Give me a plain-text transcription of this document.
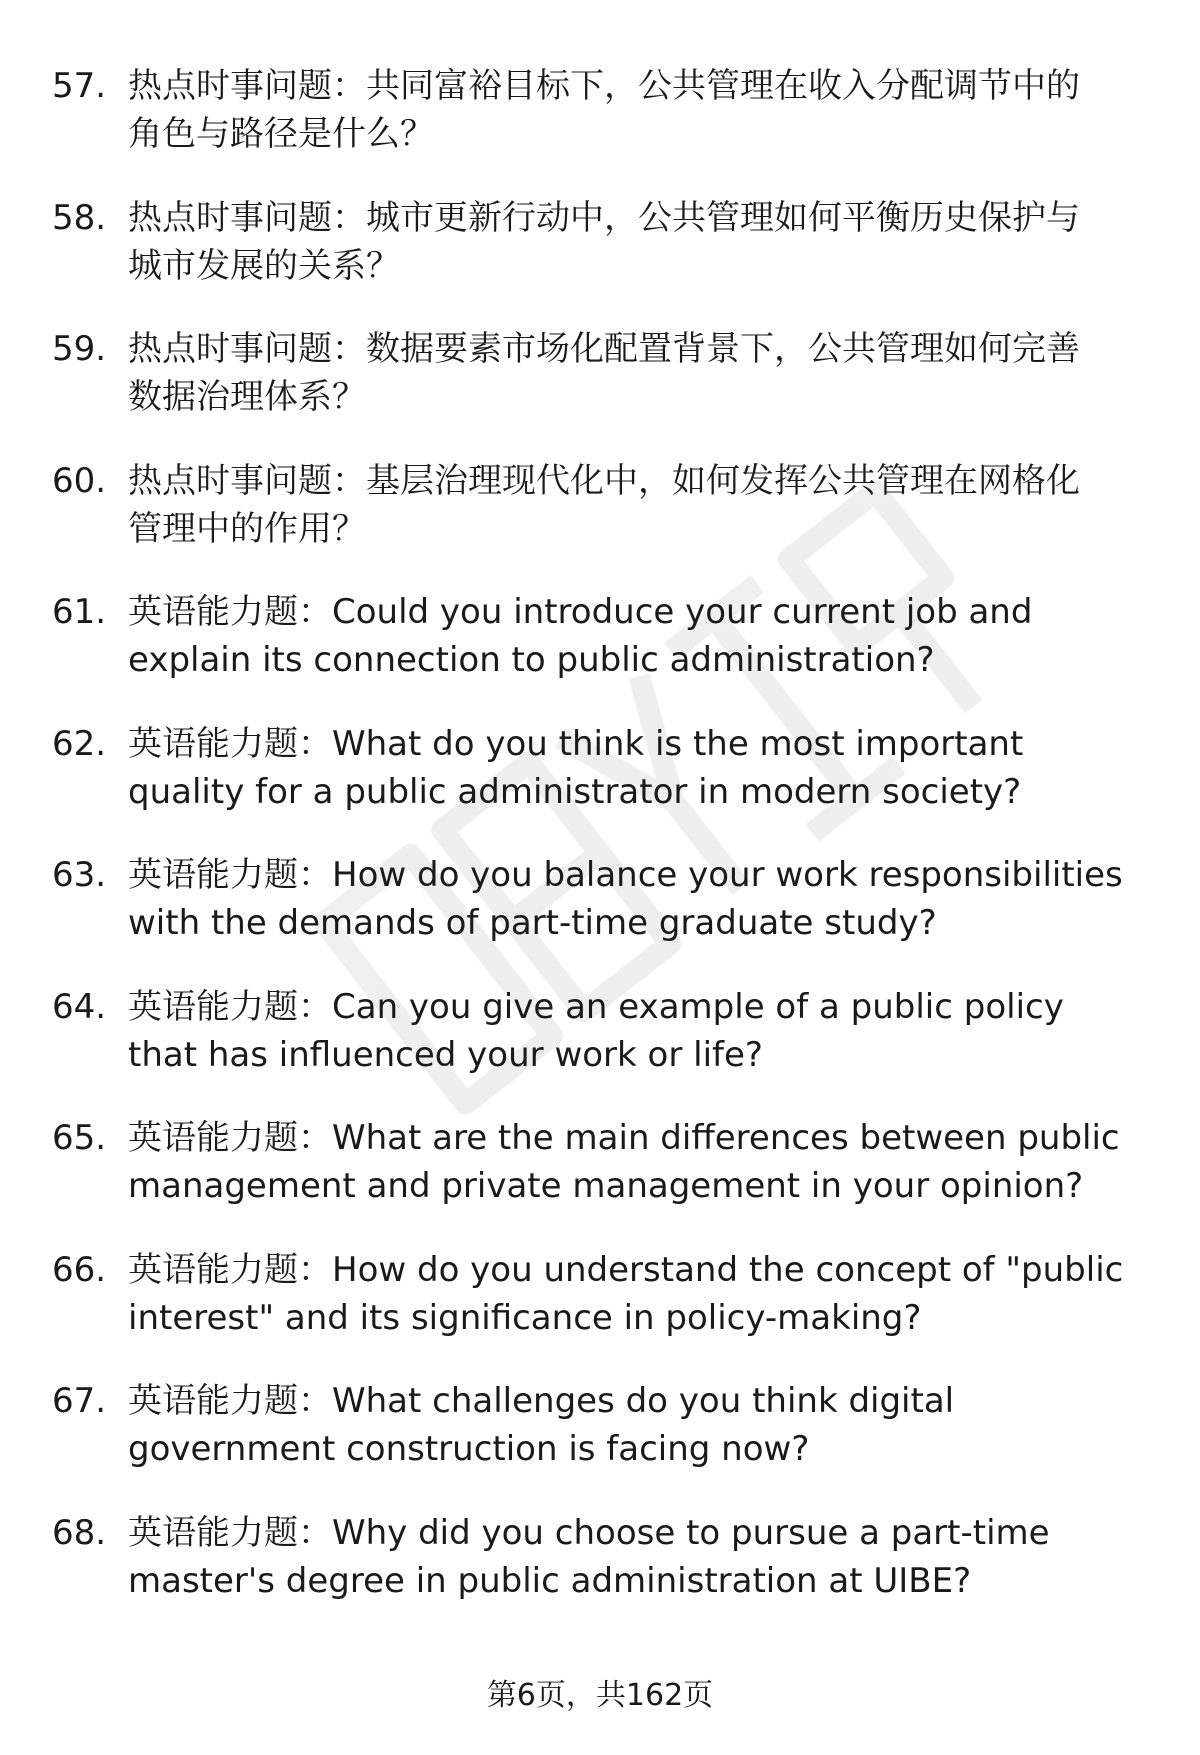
57. 热点时事问题：共同富裕目标下，公共管理在收入分配调节中的
角色与路径是什么？
58. 热点时事问题：城市更新行动中，公共管理如何平衡历史保护与
城市发展的关系？
59. 热点时事问题：数据要素市场化配置背景下，公共管理如何完善
数据治理体系？
60. 热点时事问题：基层治理现代化中，如何发挥公共管理在网格化
管理中的作用？
61. 英语能力题：Could you introduce your current job and
explain its connection to public administration?
62. 英语能力题：What do you think is the most important
quality for a public administrator in modern society?
63. 英语能力题：How do you balance your work responsibilities
with the demands of part-time graduate study?
64. 英语能力题：Can you give an example of a public policy
that has influenced your work or life?
65. 英语能力题：What are the main differences between public
management and private management in your opinion?
66. 英语能力题：How do you understand the concept of "public
interest" and its significance in policy-making?
67. 英语能力题：What challenges do you think digital
government construction is facing now?
68. 英语能力题：Why did you choose to pursue a part-time
master's degree in public administration at UIBE?
第6页，共162页
